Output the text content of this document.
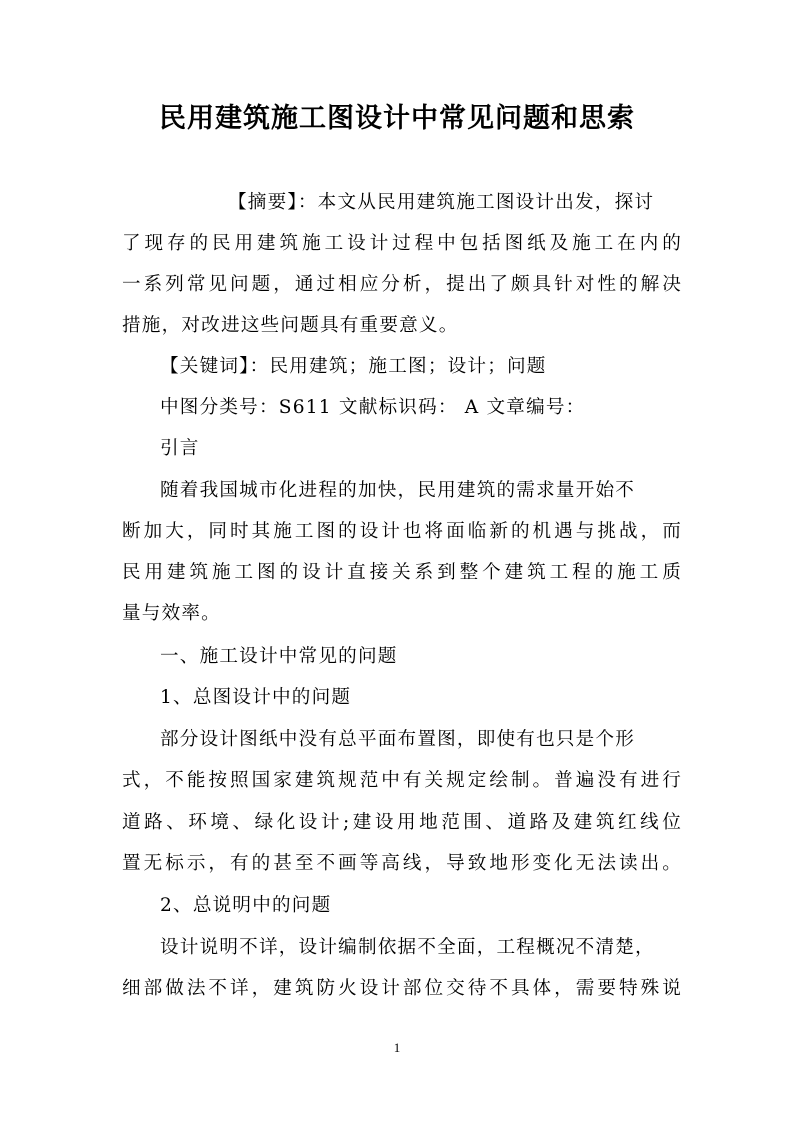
民用建筑施工图设计中常见问题和思索
【摘要】：本文从民用建筑施工图设计出发，探讨
了现存的民用建筑施工设计过程中包括图纸及施工在内的
一系列常见问题，通过相应分析，提出了颇具针对性的解决
措施，对改进这些问题具有重要意义。
【关键词】：民用建筑；施工图；设计；问题
中图分类号：S611 文献标识码： A 文章编号：
引言
随着我国城市化进程的加快，民用建筑的需求量开始不
断加大，同时其施工图的设计也将面临新的机遇与挑战，而
民用建筑施工图的设计直接关系到整个建筑工程的施工质
量与效率。
一、施工设计中常见的问题
1、总图设计中的问题
部分设计图纸中没有总平面布置图，即使有也只是个形
式，不能按照国家建筑规范中有关规定绘制。普遍没有进行
道路、环境、绿化设计;建设用地范围、道路及建筑红线位
置无标示，有的甚至不画等高线，导致地形变化无法读出。
2、总说明中的问题
设计说明不详，设计编制依据不全面，工程概况不清楚，
细部做法不详，建筑防火设计部位交待不具体，需要特殊说
1
